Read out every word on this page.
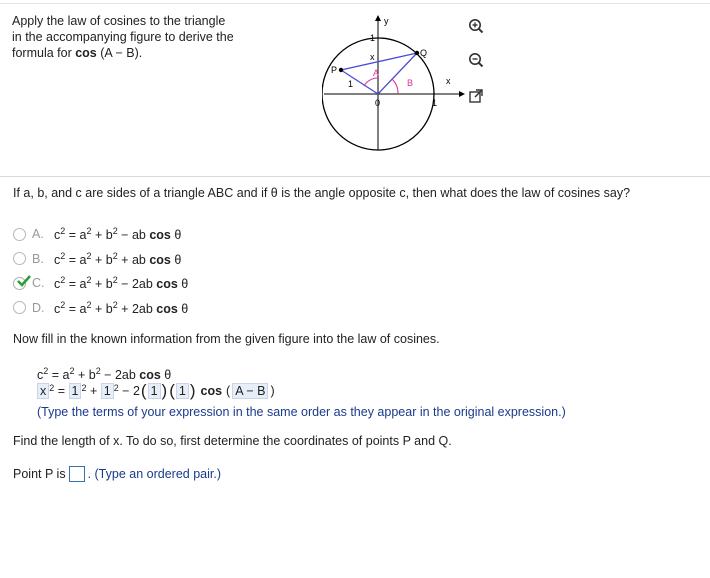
Apply the law of cosines to the triangle
in the accompanying figure to derive the
formula for cos (A − B).
y
x
1
1
1
0
P
Q
A
B
x
If a, b, and c are sides of a triangle ABC and if θ is the angle opposite c, then what does the law of cosines say?
A. $c^2 = a^2 + b^2$ − ab cos θ
B. $c^2 = a^2 + b^2$ + ab cos θ
C. $c^2 = a^2 + b^2 - 2ab$ cos θ
D. $c^2 = a^2 + b^2 + 2ab$ cos θ
Now fill in the known information from the given figure into the law of cosines.
$c^2 = a^2 + b^2 - 2ab$ cos θ
x $^2$ = 1 $^2$ + 1 $^2$ − 2 ( 1 ) ( 1 ) cos ( A − B )
(Type the terms of your expression in the same order as they appear in the original expression.)
Find the length of x. To do so, first determine the coordinates of points P and Q.
Point P is . (Type an ordered pair.)
